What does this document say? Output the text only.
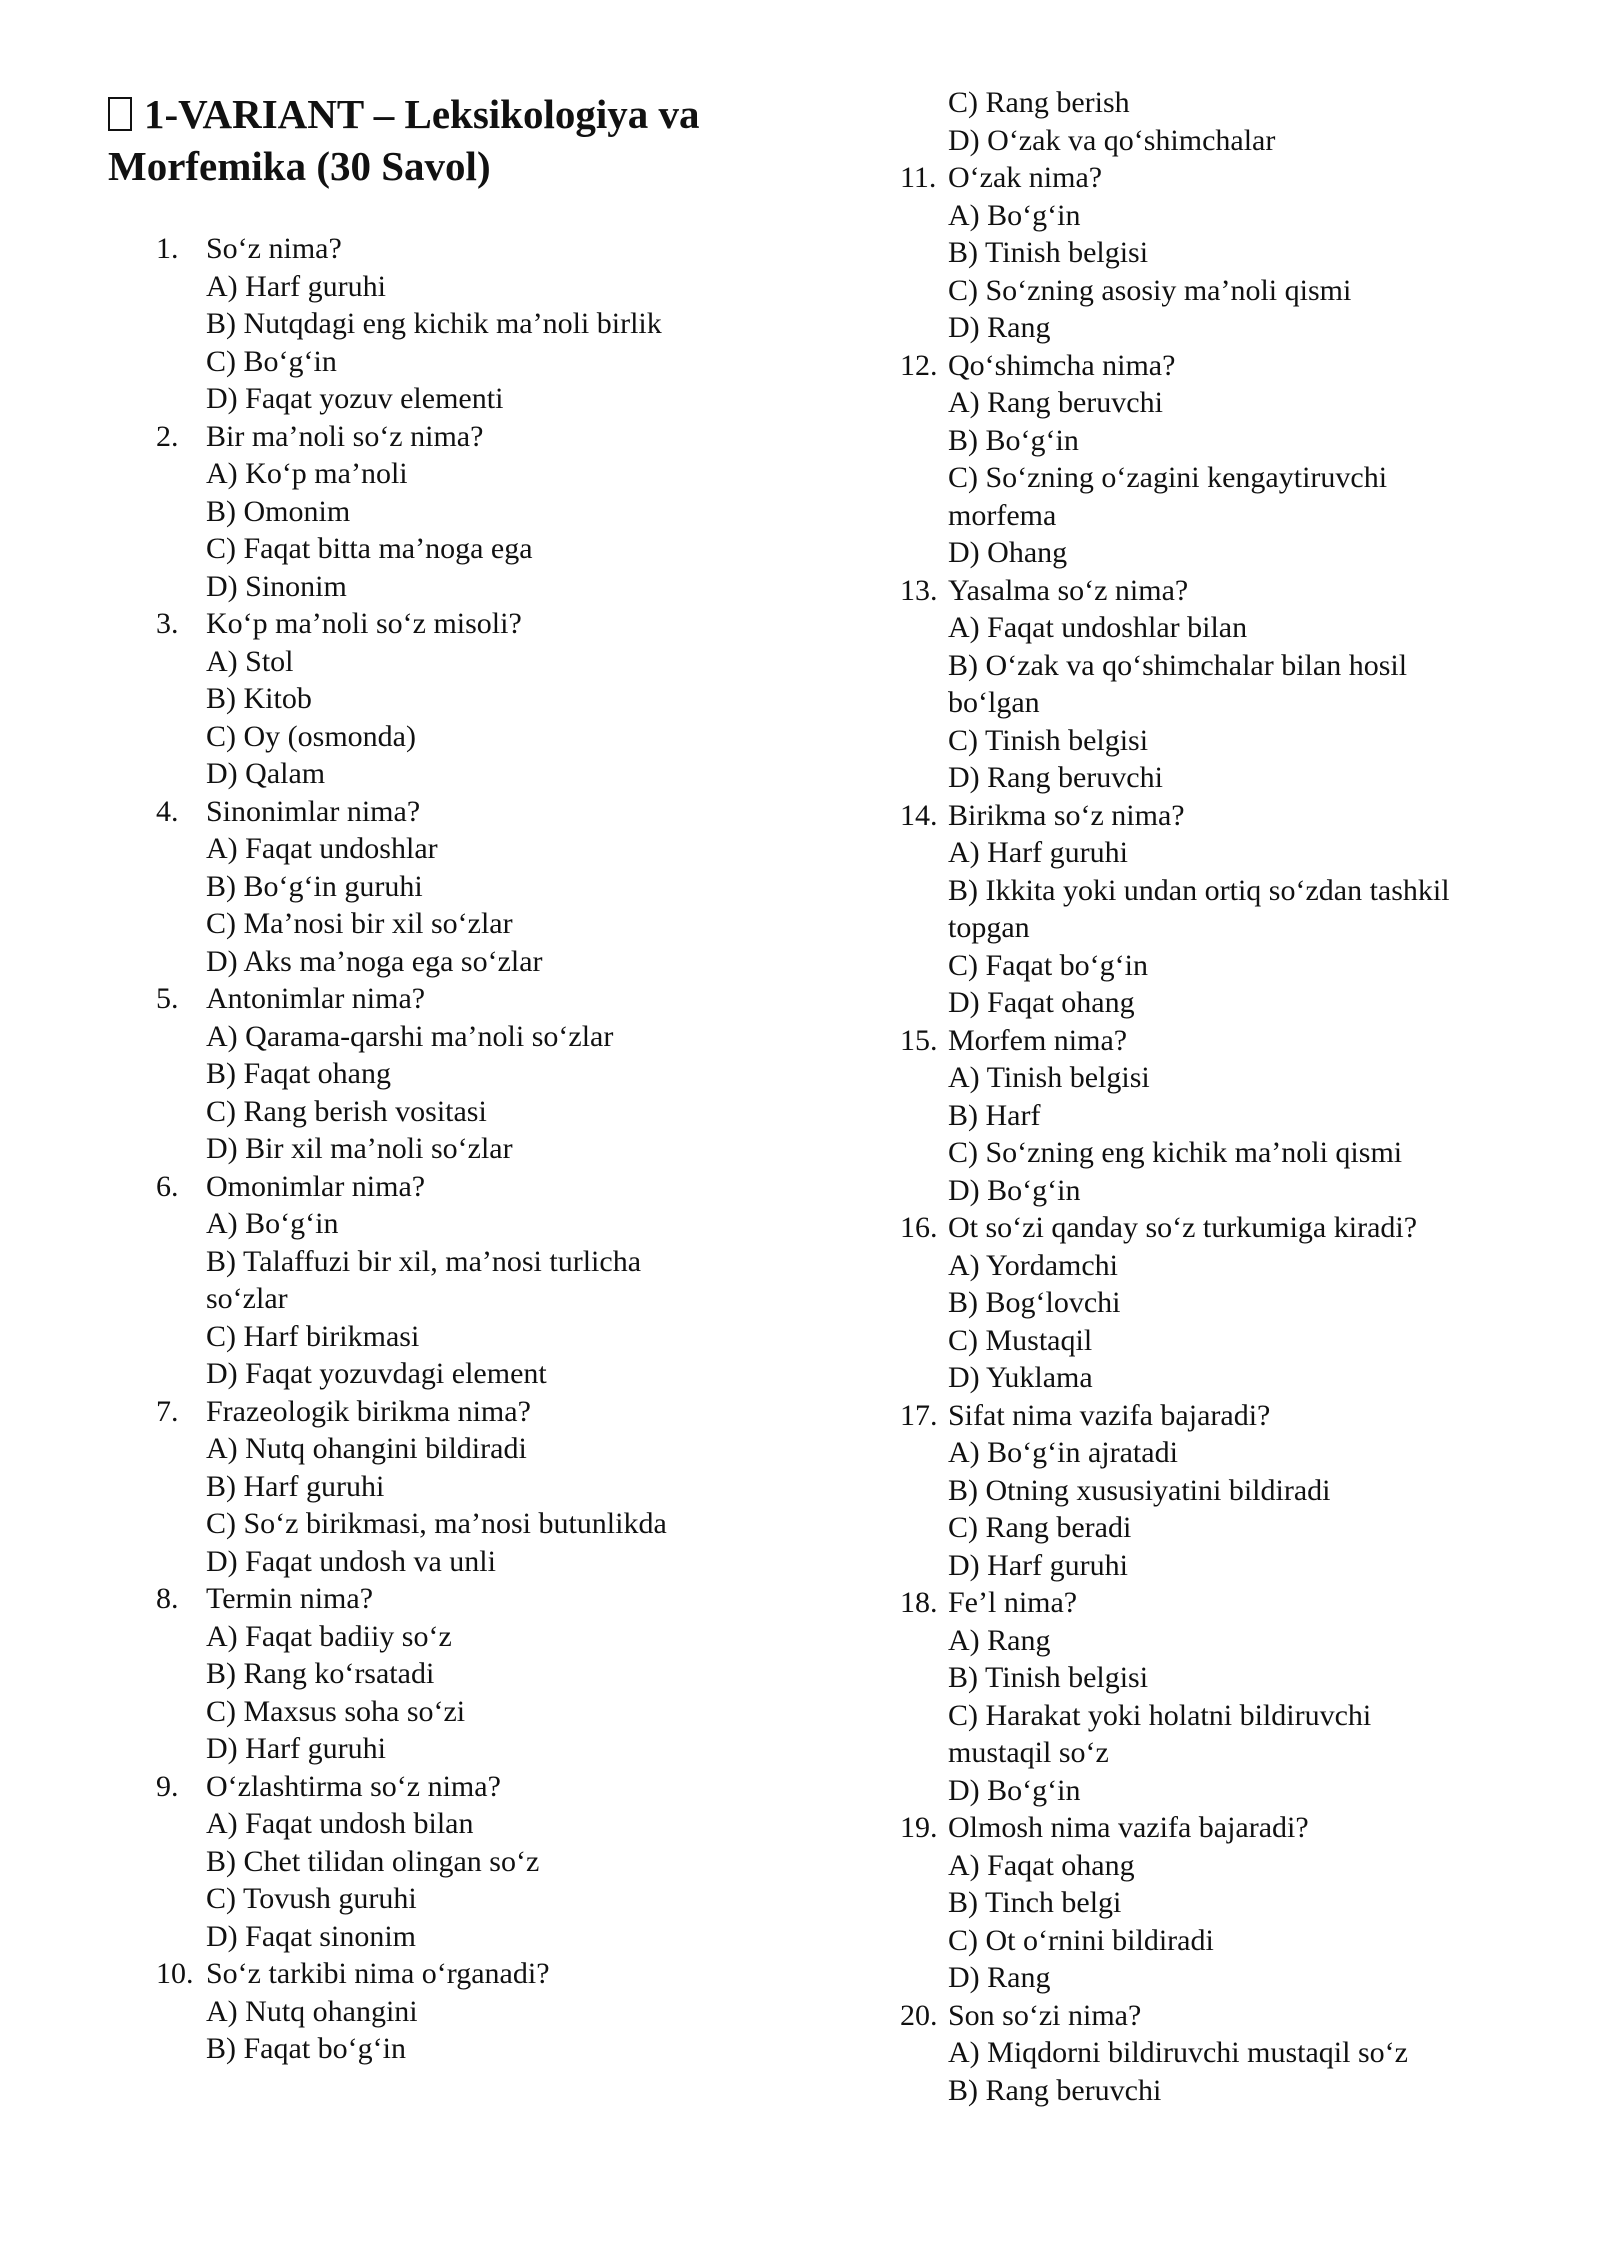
1-VARIANT – Leksikologiya va
Morfemika (30 Savol)
1. So‘z nima?
A) Harf guruhi
B) Nutqdagi eng kichik ma’noli birlik
C) Bo‘g‘in
D) Faqat yozuv elementi
2. Bir ma’noli so‘z nima?
A) Ko‘p ma’noli
B) Omonim
C) Faqat bitta ma’noga ega
D) Sinonim
3. Ko‘p ma’noli so‘z misoli?
A) Stol
B) Kitob
C) Oy (osmonda)
D) Qalam
4. Sinonimlar nima?
A) Faqat undoshlar
B) Bo‘g‘in guruhi
C) Ma’nosi bir xil so‘zlar
D) Aks ma’noga ega so‘zlar
5. Antonimlar nima?
A) Qarama-qarshi ma’noli so‘zlar
B) Faqat ohang
C) Rang berish vositasi
D) Bir xil ma’noli so‘zlar
6. Omonimlar nima?
A) Bo‘g‘in
B) Talaffuzi bir xil, ma’nosi turlicha
so‘zlar
C) Harf birikmasi
D) Faqat yozuvdagi element
7. Frazeologik birikma nima?
A) Nutq ohangini bildiradi
B) Harf guruhi
C) So‘z birikmasi, ma’nosi butunlikda
D) Faqat undosh va unli
8. Termin nima?
A) Faqat badiiy so‘z
B) Rang ko‘rsatadi
C) Maxsus soha so‘zi
D) Harf guruhi
9. O‘zlashtirma so‘z nima?
A) Faqat undosh bilan
B) Chet tilidan olingan so‘z
C) Tovush guruhi
D) Faqat sinonim
10. So‘z tarkibi nima o‘rganadi?
A) Nutq ohangini
B) Faqat bo‘g‘in
C) Rang berish
D) O‘zak va qo‘shimchalar
11. O‘zak nima?
A) Bo‘g‘in
B) Tinish belgisi
C) So‘zning asosiy ma’noli qismi
D) Rang
12. Qo‘shimcha nima?
A) Rang beruvchi
B) Bo‘g‘in
C) So‘zning o‘zagini kengaytiruvchi
morfema
D) Ohang
13. Yasalma so‘z nima?
A) Faqat undoshlar bilan
B) O‘zak va qo‘shimchalar bilan hosil
bo‘lgan
C) Tinish belgisi
D) Rang beruvchi
14. Birikma so‘z nima?
A) Harf guruhi
B) Ikkita yoki undan ortiq so‘zdan tashkil
topgan
C) Faqat bo‘g‘in
D) Faqat ohang
15. Morfem nima?
A) Tinish belgisi
B) Harf
C) So‘zning eng kichik ma’noli qismi
D) Bo‘g‘in
16. Ot so‘zi qanday so‘z turkumiga kiradi?
A) Yordamchi
B) Bog‘lovchi
C) Mustaqil
D) Yuklama
17. Sifat nima vazifa bajaradi?
A) Bo‘g‘in ajratadi
B) Otning xususiyatini bildiradi
C) Rang beradi
D) Harf guruhi
18. Fe’l nima?
A) Rang
B) Tinish belgisi
C) Harakat yoki holatni bildiruvchi
mustaqil so‘z
D) Bo‘g‘in
19. Olmosh nima vazifa bajaradi?
A) Faqat ohang
B) Tinch belgi
C) Ot o‘rnini bildiradi
D) Rang
20. Son so‘zi nima?
A) Miqdorni bildiruvchi mustaqil so‘z
B) Rang beruvchi
